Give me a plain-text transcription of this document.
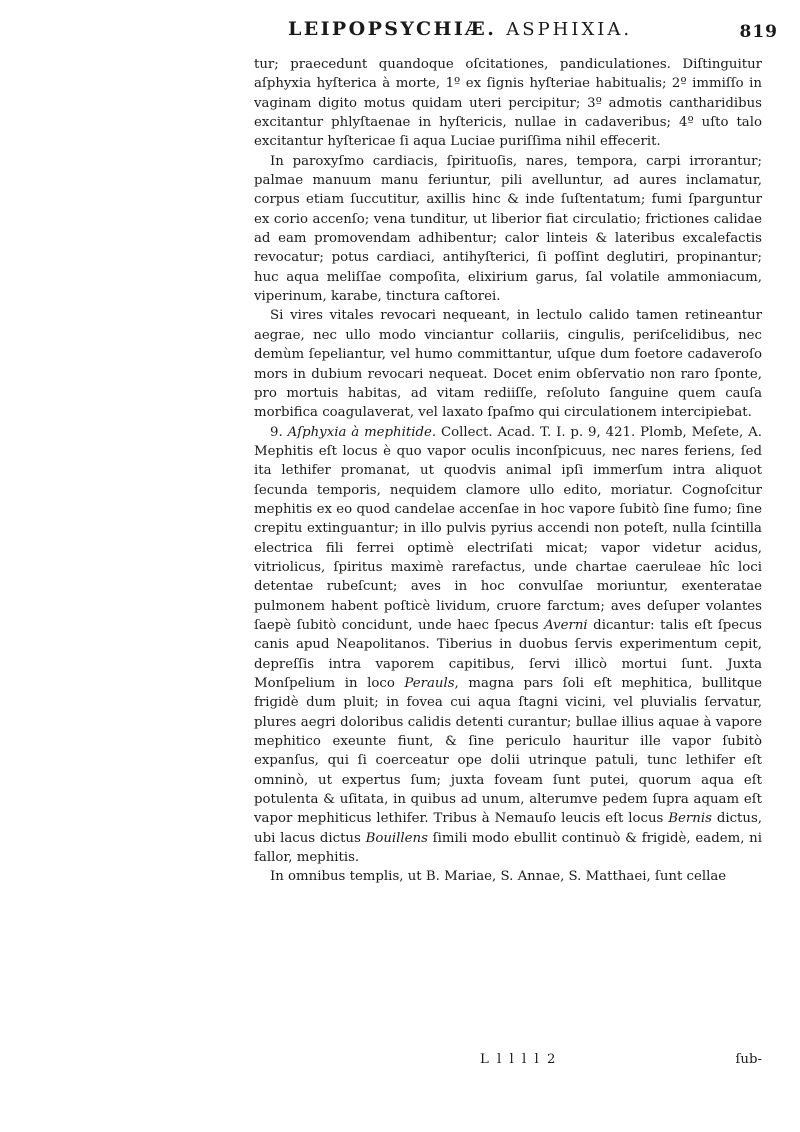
LEIPOPSYCHIÆ. ASPHIXIA.	819

tur; praecedunt quandoque oſcitationes, pandiculationes. Diſtinguitur aſphyxia hyſterica à morte, 1º ex ſignis hyſteriae habitualis; 2º immiſſo in vaginam digito motus quidam uteri percipitur; 3º admotis cantharidibus excitantur phlyſtaenae in hyſtericis, nullae in cadaveribus; 4º uſto talo excitantur hyſtericae ſi aqua Luciae puriſſima nihil effecerit.

In paroxyſmo cardiacis, ſpirituoſis, nares, tempora, carpi irrorantur; palmae manuum manu feriuntur, pili avelluntur, ad aures inclamatur, corpus etiam ſuccutitur, axillis hinc & inde ſuſtentatum; fumi ſparguntur ex corio accenſo; vena tunditur, ut liberior fiat circulatio; frictiones calidae ad eam promovendam adhibentur; calor linteis & lateribus excalefactis revocatur; potus cardiaci, antihyſterici, ſi poſſint deglutiri, propinantur; huc aqua meliſſae compoſita, elixirium garus, ſal volatile ammoniacum, viperinum, karabe, tinctura caſtorei.

Si vires vitales revocari nequeant, in lectulo calido tamen retineantur aegrae, nec ullo modo vinciantur collariis, cingulis, periſcelidibus, nec demùm ſepeliantur, vel humo committantur, uſque dum foetore cadaveroſo mors in dubium revocari nequeat. Docet enim obſervatio non raro ſponte, pro mortuis habitas, ad vitam rediiſſe, reſoluto ſanguine quem cauſa morbifica coagulaverat, vel laxato ſpaſmo qui circulationem intercipiebat.

9. Aſphyxia à mephitide. Collect. Acad. T. I. p. 9, 421. Plomb, Meſete, A. Mephitis eſt locus è quo vapor oculis inconſpicuus, nec nares feriens, ſed ita lethifer promanat, ut quodvis animal ipſi immerſum intra aliquot ſecunda temporis, nequidem clamore ullo edito, moriatur. Cognoſcitur mephitis ex eo quod candelae accenſae in hoc vapore ſubitò ſine fumo; ſine crepitu extinguantur; in illo pulvis pyrius accendi non poteſt, nulla ſcintilla electrica fili ferrei optimè electriſati micat; vapor videtur acidus, vitriolicus, ſpiritus maximè rarefactus, unde chartae caeruleae hîc loci detentae rubeſcunt; aves in hoc convulſae moriuntur, exenteratae pulmonem habent poſticè lividum, cruore farctum; aves deſuper volantes ſaepè ſubitò concidunt, unde haec ſpecus Averni dicantur: talis eſt ſpecus canis apud Neapolitanos. Tiberius in duobus ſervis experimentum cepit, depreſſis intra vaporem capitibus, ſervi illicò mortui ſunt. Juxta Monſpelium in loco Perauls, magna pars ſoli eſt mephitica, bullitque frigidè dum pluit; in fovea cui aqua ſtagni vicini, vel pluvialis ſervatur, plures aegri doloribus calidis detenti curantur; bullae illius aquae à vapore mephitico exeunte fiunt, & ſine periculo hauritur ille vapor ſubitò expanſus, qui ſi coerceatur ope dolii utrinque patuli, tunc lethifer eſt omninò, ut expertus ſum; juxta foveam ſunt putei, quorum aqua eſt potulenta & uſitata, in quibus ad unum, alterumve pedem ſupra aquam eſt vapor mephiticus lethifer. Tribus à Nemauſo leucis eſt locus Bernis dictus, ubi lacus dictus Bouillens ſimili modo ebullit continuò & frigidè, eadem, ni fallor, mephitis.

In omnibus templis, ut B. Mariae, S. Annae, S. Matthaei, ſunt cellae

L l l l l 2	ſub-
